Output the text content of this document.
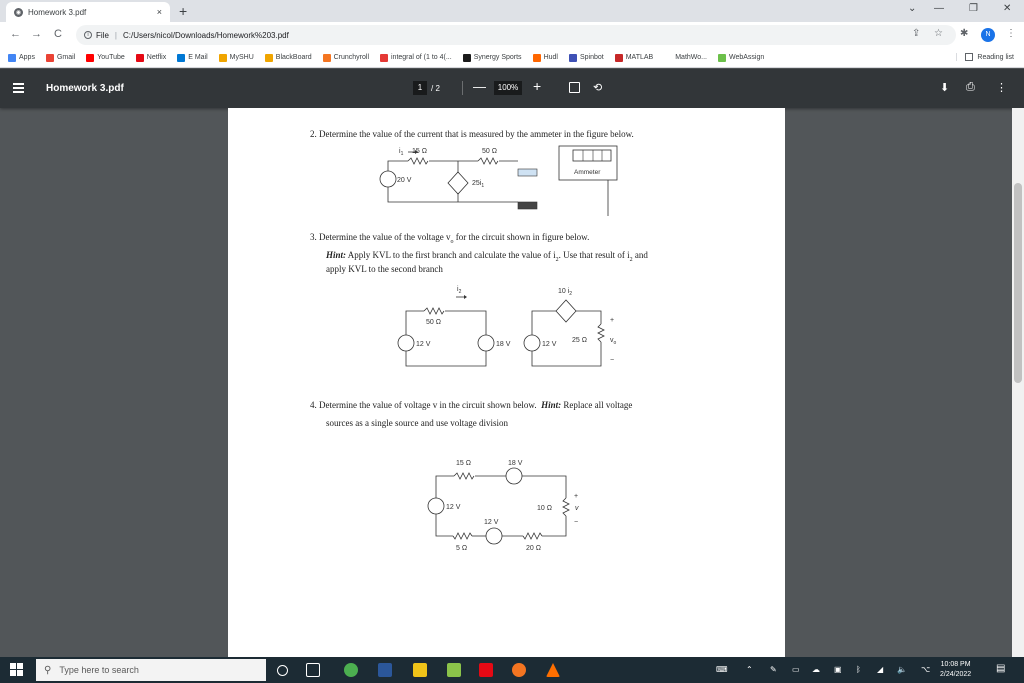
◉ Homework 3.pdf	× +	⌄ —	❐	✕
← → C	i File | C:/Users/nicol/Downloads/Homework%203.pdf	⇪ ☆ ✱	⋮
N
Apps	Gmail	YouTube	Netflix	E Mail	MySHU	BlackBoard	Crunchyroll	integral of (1 to 4(...	Synergy Sports	Hudl	Spinbot	MATLAB	MathWo...	WebAssign	Reading list
Homework 3.pdf	1	/ 2	—	100% +	⟲	⬇ ⎙ ⋮
2. Determine the value of the current that is measured by the ammeter in the figure below.
$i_1$ 15 Ω	50 Ω
20 V	$25i_1$
Ammeter
3. Determine the value of the voltage $v_o$ for the circuit shown in figure below.
Hint: Apply KVL to the first branch and calculate the value of $i_2$. Use that result of $i_2$ and
apply KVL to the second branch
$i_2$
50 Ω
12 V	18 V	12 V
10 $i_2$
25 Ω
+
$v_o$
−
4. Determine the value of voltage v in the circuit shown below. Hint: Replace all voltage
sources as a single source and use voltage division
15 Ω	18 V
12 V	10 Ω
+
v
−
12 V
5 Ω	20 Ω
⚲ Type here to search	⌨ ⌃ ✎ ▭ ☁ ▣ ᛒ ◢ 🔈 ⌥
10:08 PM
2/24/2022
▤
